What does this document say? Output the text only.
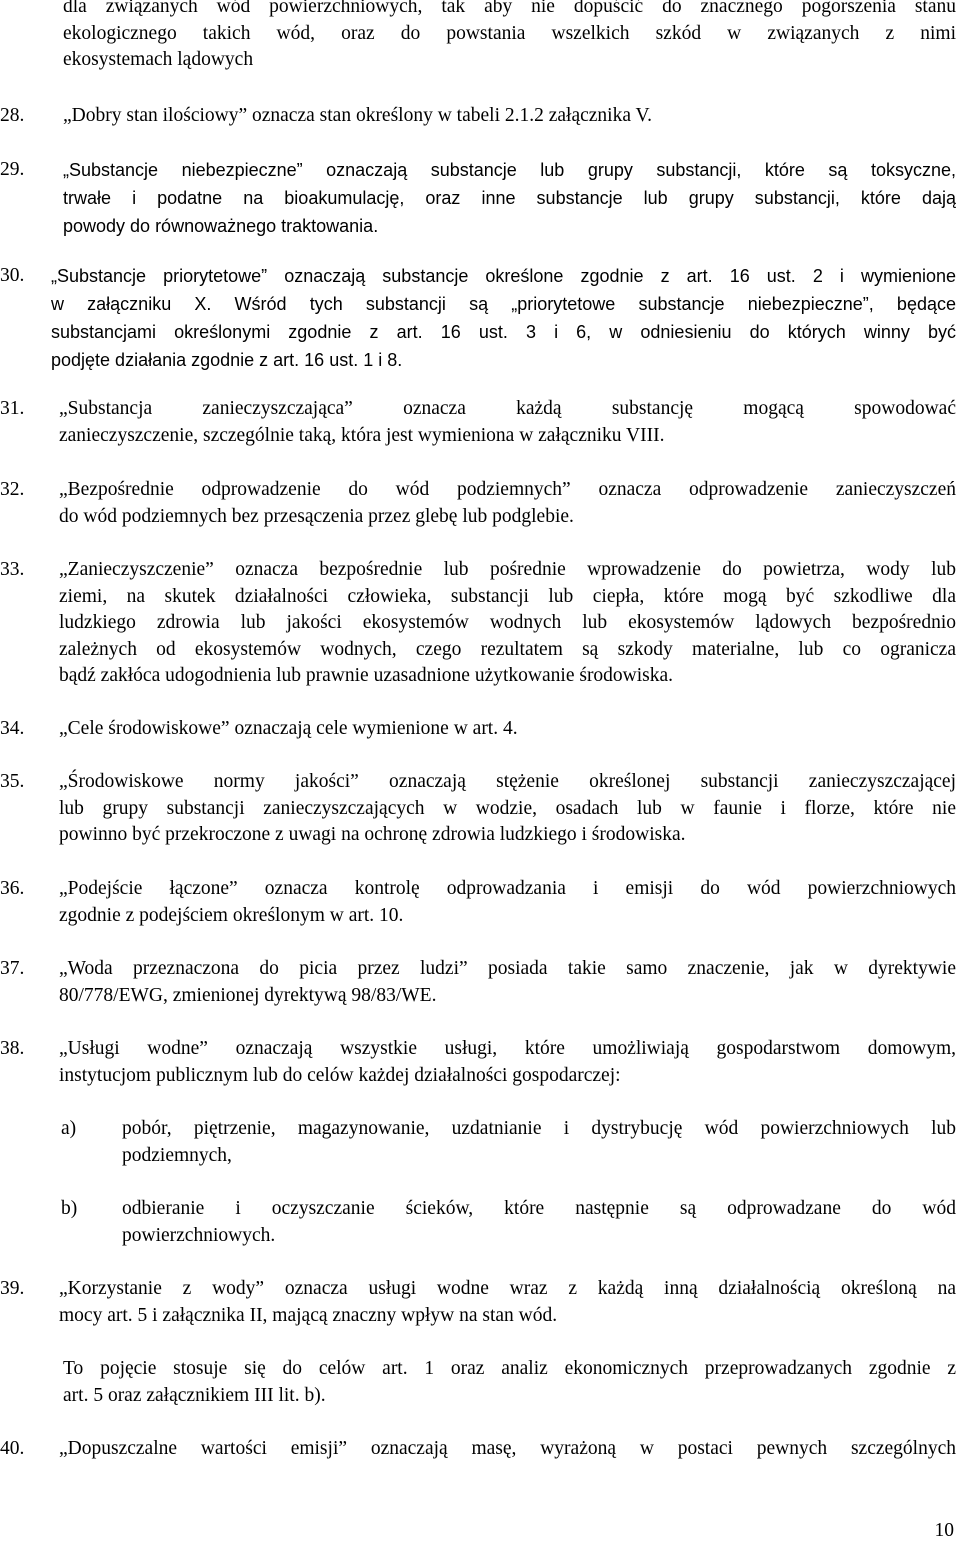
dla związanych wód powierzchniowych, tak aby nie dopuścić do znacznego pogorszenia stanu
ekologicznego takich wód, oraz do powstania wszelkich szkód w związanych z nimi
ekosystemach lądowych
28. „Dobry stan ilościowy” oznacza stan określony w tabeli 2.1.2 załącznika V.
29. „Substancje niebezpieczne” oznaczają substancje lub grupy substancji, które są toksyczne,
trwałe i podatne na bioakumulację, oraz inne substancje lub grupy substancji, które dają
powody do równoważnego traktowania.
30. „Substancje priorytetowe” oznaczają substancje określone zgodnie z art. 16 ust. 2 i wymienione
w załączniku X. Wśród tych substancji są „priorytetowe substancje niebezpieczne”, będące
substancjami określonymi zgodnie z art. 16 ust. 3 i 6, w odniesieniu do których winny być
podjęte działania zgodnie z art. 16 ust. 1 i 8.
31. „Substancja zanieczyszczająca” oznacza każdą substancję mogącą spowodować
zanieczyszczenie, szczególnie taką, która jest wymieniona w załączniku VIII.
32. „Bezpośrednie odprowadzenie do wód podziemnych” oznacza odprowadzenie zanieczyszczeń
do wód podziemnych bez przesączenia przez glebę lub podglebie.
33. „Zanieczyszczenie” oznacza bezpośrednie lub pośrednie wprowadzenie do powietrza, wody lub
ziemi, na skutek działalności człowieka, substancji lub ciepła, które mogą być szkodliwe dla
ludzkiego zdrowia lub jakości ekosystemów wodnych lub ekosystemów lądowych bezpośrednio
zależnych od ekosystemów wodnych, czego rezultatem są szkody materialne, lub co ogranicza
bądź zakłóca udogodnienia lub prawnie uzasadnione użytkowanie środowiska.
34. „Cele środowiskowe” oznaczają cele wymienione w art. 4.
35. „Środowiskowe normy jakości” oznaczają stężenie określonej substancji zanieczyszczającej
lub grupy substancji zanieczyszczających w wodzie, osadach lub w faunie i florze, które nie
powinno być przekroczone z uwagi na ochronę zdrowia ludzkiego i środowiska.
36. „Podejście łączone” oznacza kontrolę odprowadzania i emisji do wód powierzchniowych
zgodnie z podejściem określonym w art. 10.
37. „Woda przeznaczona do picia przez ludzi” posiada takie samo znaczenie, jak w dyrektywie
80/778/EWG, zmienionej dyrektywą 98/83/WE.
38. „Usługi wodne” oznaczają wszystkie usługi, które umożliwiają gospodarstwom domowym,
instytucjom publicznym lub do celów każdej działalności gospodarczej:
a) pobór, piętrzenie, magazynowanie, uzdatnianie i dystrybucję wód powierzchniowych lub
podziemnych,
b) odbieranie i oczyszczanie ścieków, które następnie są odprowadzane do wód
powierzchniowych.
39. „Korzystanie z wody” oznacza usługi wodne wraz z każdą inną działalnością określoną na
mocy art. 5 i załącznika II, mającą znaczny wpływ na stan wód.
To pojęcie stosuje się do celów art. 1 oraz analiz ekonomicznych przeprowadzanych zgodnie z
art. 5 oraz załącznikiem III lit. b).
40. „Dopuszczalne wartości emisji” oznaczają masę, wyrażoną w postaci pewnych szczególnych
10
